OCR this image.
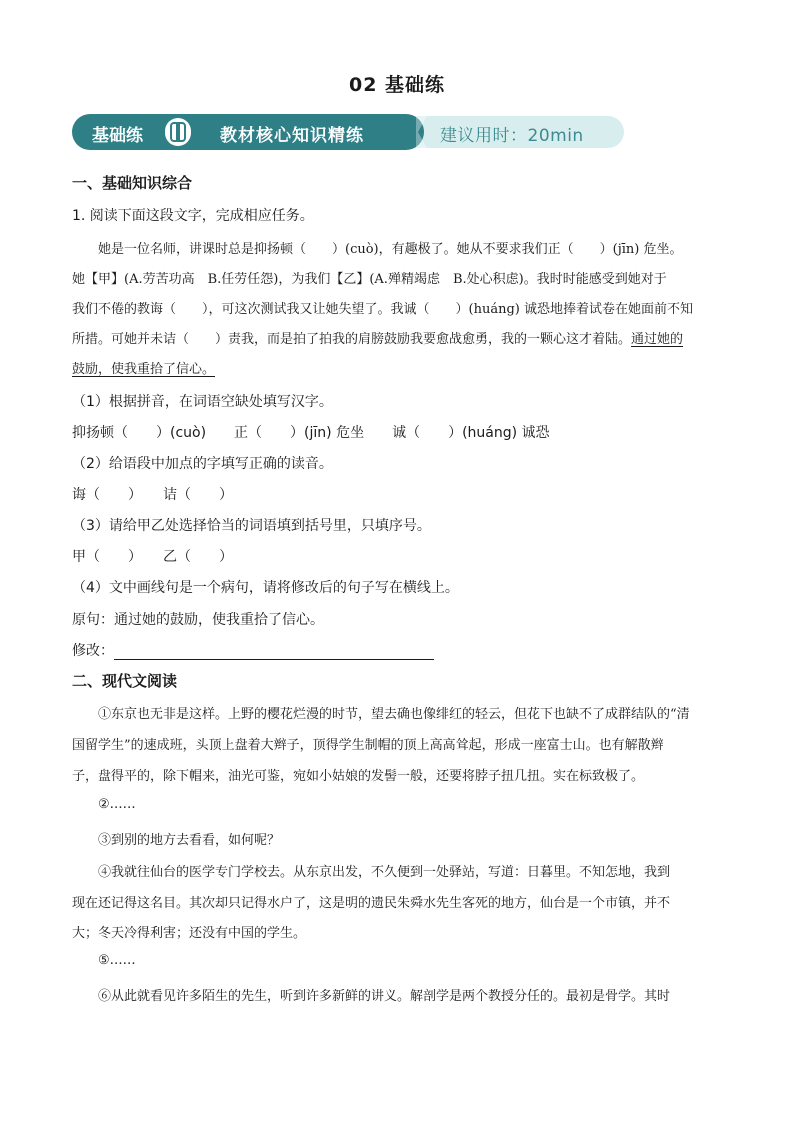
02 基础练
基础练	教材核心知识精练	建议用时：20min
一、基础知识综合
1. 阅读下面这段文字，完成相应任务。
她是一位名师，讲课时总是抑扬顿（　　）(cuò)，有趣极了。她从不要求我们正（　　）(jīn) 危坐。
她【甲】(A.劳苦功高　B.任劳任怨)，为我们【乙】(A.殚精竭虑　B.处心积虑)。我时时能感受到她对于
我们不倦的教诲（　　），可这次测试我又让她失望了。我诚（　　）(huáng) 诚恐地捧着试卷在她面前不知
所措。可她并未诘（　　）责我，而是拍了拍我的肩膀鼓励我要愈战愈勇，我的一颗心这才着陆。通过她的
鼓励，使我重拾了信心。
（1）根据拼音，在词语空缺处填写汉字。
抑扬顿（　　）(cuò)　　正（　　）(jīn) 危坐　　诚（　　）(huáng) 诚恐
（2）给语段中加点的字填写正确的读音。
诲（　　）　　诘（　　）
（3）请给甲乙处选择恰当的词语填到括号里，只填序号。
甲（　　）　　乙（　　）
（4）文中画线句是一个病句，请将修改后的句子写在横线上。
原句：通过她的鼓励，使我重拾了信心。
修改：
二、现代文阅读
①东京也无非是这样。上野的樱花烂漫的时节，望去确也像绯红的轻云，但花下也缺不了成群结队的“清
国留学生”的速成班，头顶上盘着大辫子，顶得学生制帽的顶上高高耸起，形成一座富士山。也有解散辫
子，盘得平的，除下帽来，油光可鉴，宛如小姑娘的发髻一般，还要将脖子扭几扭。实在标致极了。
②……
③到别的地方去看看，如何呢？
④我就往仙台的医学专门学校去。从东京出发，不久便到一处驿站，写道：日暮里。不知怎地，我到
现在还记得这名目。其次却只记得水户了，这是明的遗民朱舜水先生客死的地方，仙台是一个市镇，并不
大；冬天冷得利害；还没有中国的学生。
⑤……
⑥从此就看见许多陌生的先生，听到许多新鲜的讲义。解剖学是两个教授分任的。最初是骨学。其时
